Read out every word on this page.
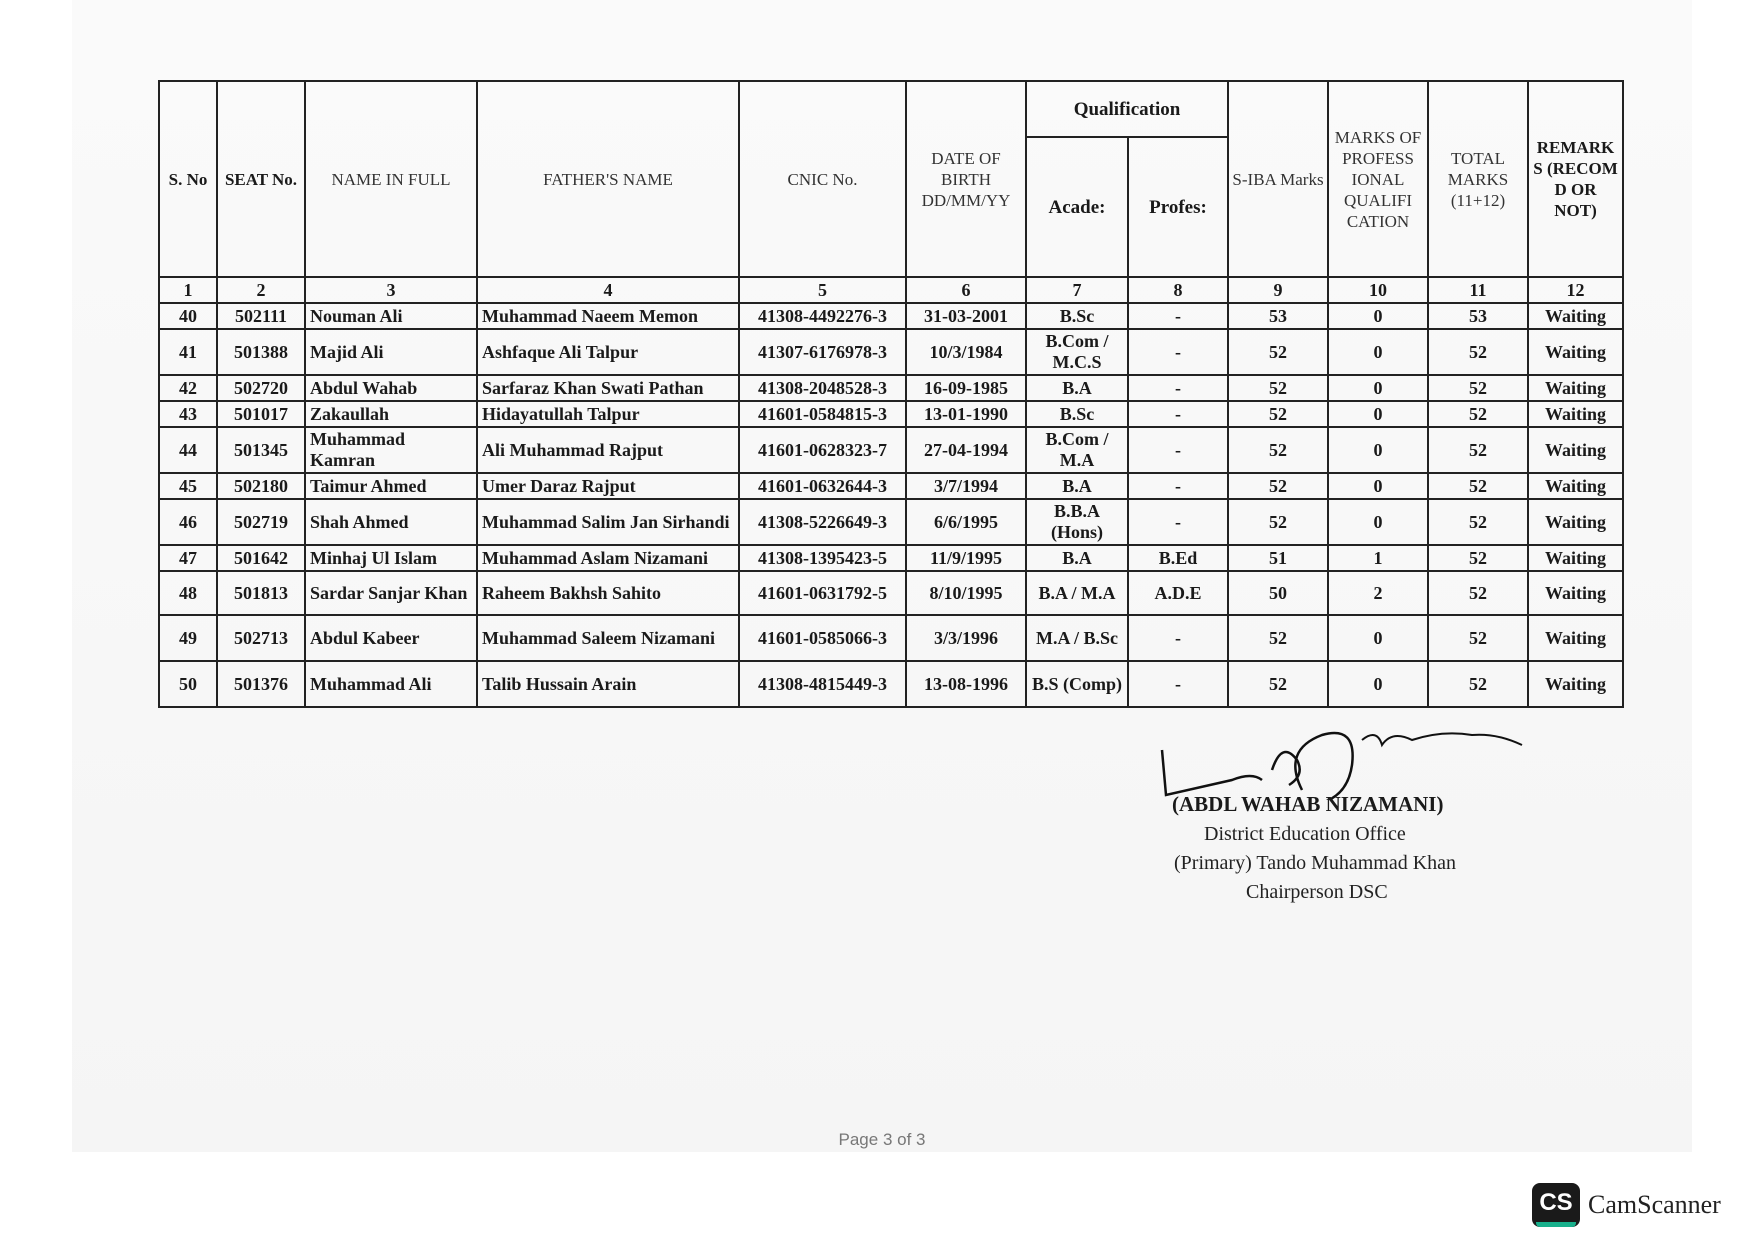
S. No	SEAT No.	NAME IN FULL	FATHER'S NAME	CNIC No.	DATE OF BIRTH DD/MM/YY	Qualification		S-IBA Marks	MARKS OF PROFESS IONAL QUALIFI CATION	TOTAL MARKS (11+12)	REMARK S (RECOM D OR NOT)
						Acade:	Profes:				
1	2	3	4	5	6	7	8	9	10	11	12
40	502111	Nouman Ali	Muhammad Naeem Memon	41308-4492276-3	31-03-2001	B.Sc	-	53	0	53	Waiting
41	501388	Majid Ali	Ashfaque Ali Talpur	41307-6176978-3	10/3/1984	B.Com / M.C.S	-	52	0	52	Waiting
42	502720	Abdul Wahab	Sarfaraz Khan Swati Pathan	41308-2048528-3	16-09-1985	B.A	-	52	0	52	Waiting
43	501017	Zakaullah	Hidayatullah Talpur	41601-0584815-3	13-01-1990	B.Sc	-	52	0	52	Waiting
44	501345	Muhammad Kamran	Ali Muhammad Rajput	41601-0628323-7	27-04-1994	B.Com / M.A	-	52	0	52	Waiting
45	502180	Taimur Ahmed	Umer Daraz Rajput	41601-0632644-3	3/7/1994	B.A	-	52	0	52	Waiting
46	502719	Shah Ahmed	Muhammad Salim Jan Sirhandi	41308-5226649-3	6/6/1995	B.B.A (Hons)	-	52	0	52	Waiting
47	501642	Minhaj Ul Islam	Muhammad Aslam Nizamani	41308-1395423-5	11/9/1995	B.A	B.Ed	51	1	52	Waiting
48	501813	Sardar Sanjar Khan	Raheem Bakhsh Sahito	41601-0631792-5	8/10/1995	B.A / M.A	A.D.E	50	2	52	Waiting
49	502713	Abdul Kabeer	Muhammad Saleem Nizamani	41601-0585066-3	3/3/1996	M.A / B.Sc	-	52	0	52	Waiting
50	501376	Muhammad Ali	Talib Hussain Arain	41308-4815449-3	13-08-1996	B.S (Comp)	-	52	0	52	Waiting
(ABDL WAHAB NIZAMANI)
District Education Office
(Primary) Tando Muhammad Khan
Chairperson DSC
Page 3 of 3
CS CamScanner
